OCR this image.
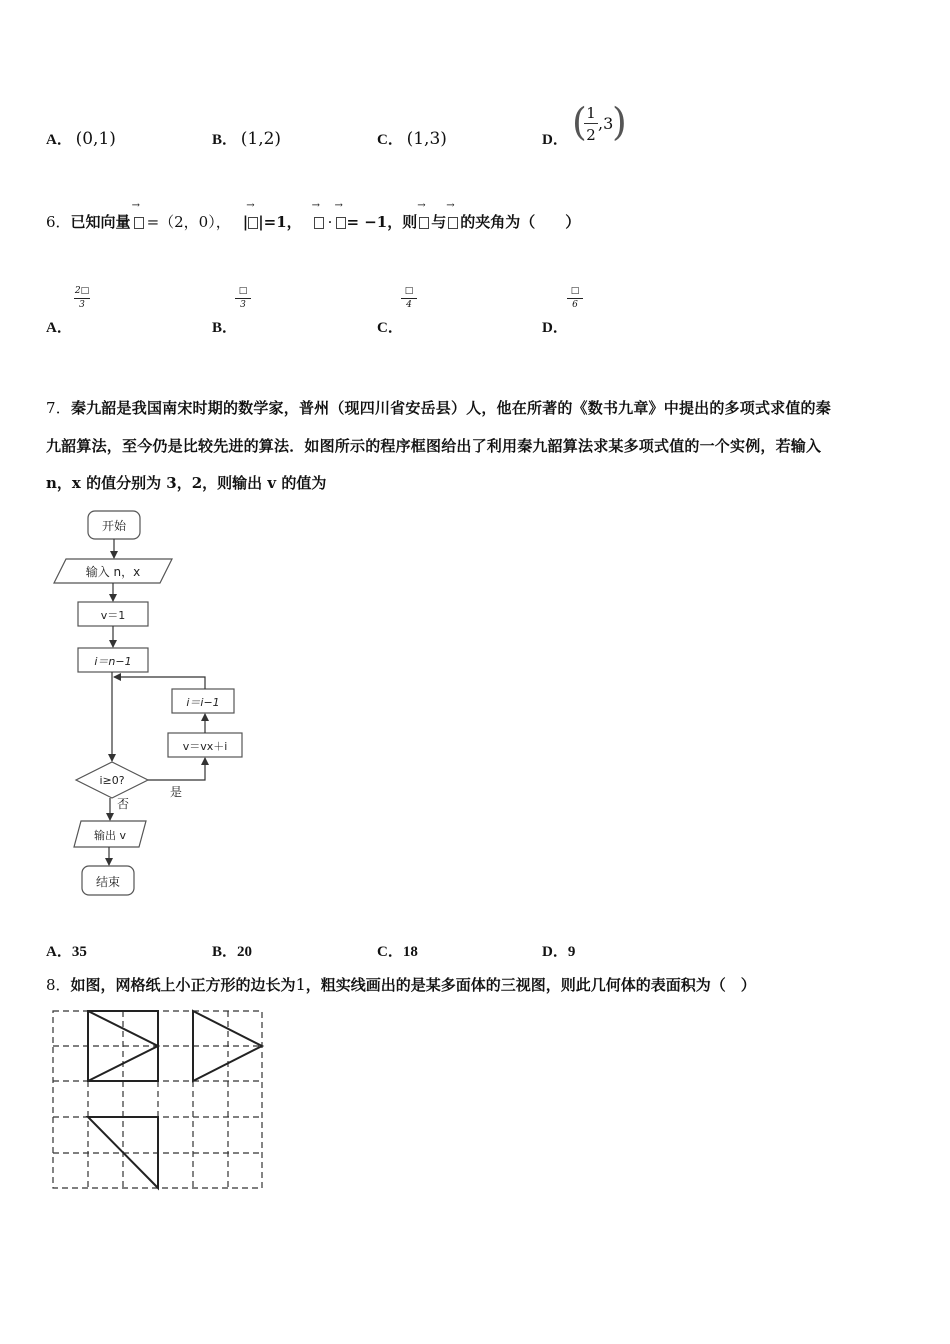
A． (0,1)	B． (1,2)	C． (1,3)	D． ( 1
2
,3
)
6．已知向量 → =（2，0）， | → |=1， → · → = −1，则 → 与 → 的夹角为（　　）
2□
3
A．
□
3
B．
□
4
C．
□
6
D．
7．秦九韶是我国南宋时期的数学家，普州（现四川省安岳县）人，他在所著的《数书九章》中提出的多项式求值的秦
九韶算法，至今仍是比较先进的算法．如图所示的程序框图给出了利用秦九韶算法求某多项式值的一个实例，若输入
n，x 的值分别为 3，2，则输出 v 的值为
开始
输入 n，x
v＝1
i＝n−1
i＝i−1
v＝vx＋i
i≥0?
是
否
输出 v
结束
A．35	B．20	C．18	D．9
8．如图，网格纸上小正方形的边长为1，粗实线画出的是某多面体的三视图，则此几何体的表面积为（　）
